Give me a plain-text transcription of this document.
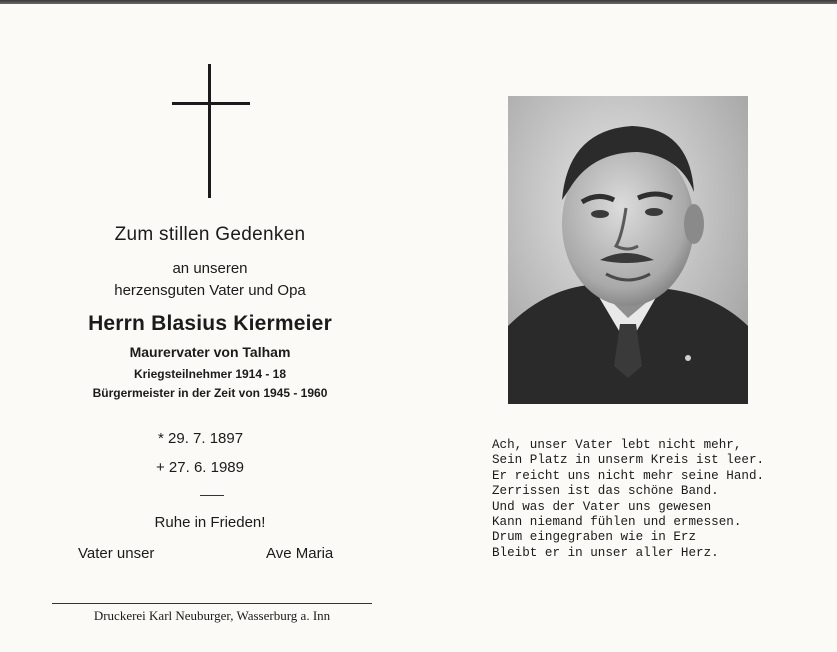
Zum stillen Gedenken
an unseren
herzensguten Vater und Opa
Herrn Blasius Kiermeier
Maurervater von Talham
Kriegsteilnehmer 1914 - 18
Bürgermeister in der Zeit von 1945 - 1960
* 29. 7. 1897
+ 27. 6. 1989
Ruhe in Frieden!
Vater unser	Ave Maria
Druckerei Karl Neuburger, Wasserburg a. Inn
Ach, unser Vater lebt nicht mehr,
Sein Platz in unserm Kreis ist leer.
Er reicht uns nicht mehr seine Hand.
Zerrissen ist das schöne Band.
Und was der Vater uns gewesen
Kann niemand fühlen und ermessen.
Drum eingegraben wie in Erz
Bleibt er in unser aller Herz.
